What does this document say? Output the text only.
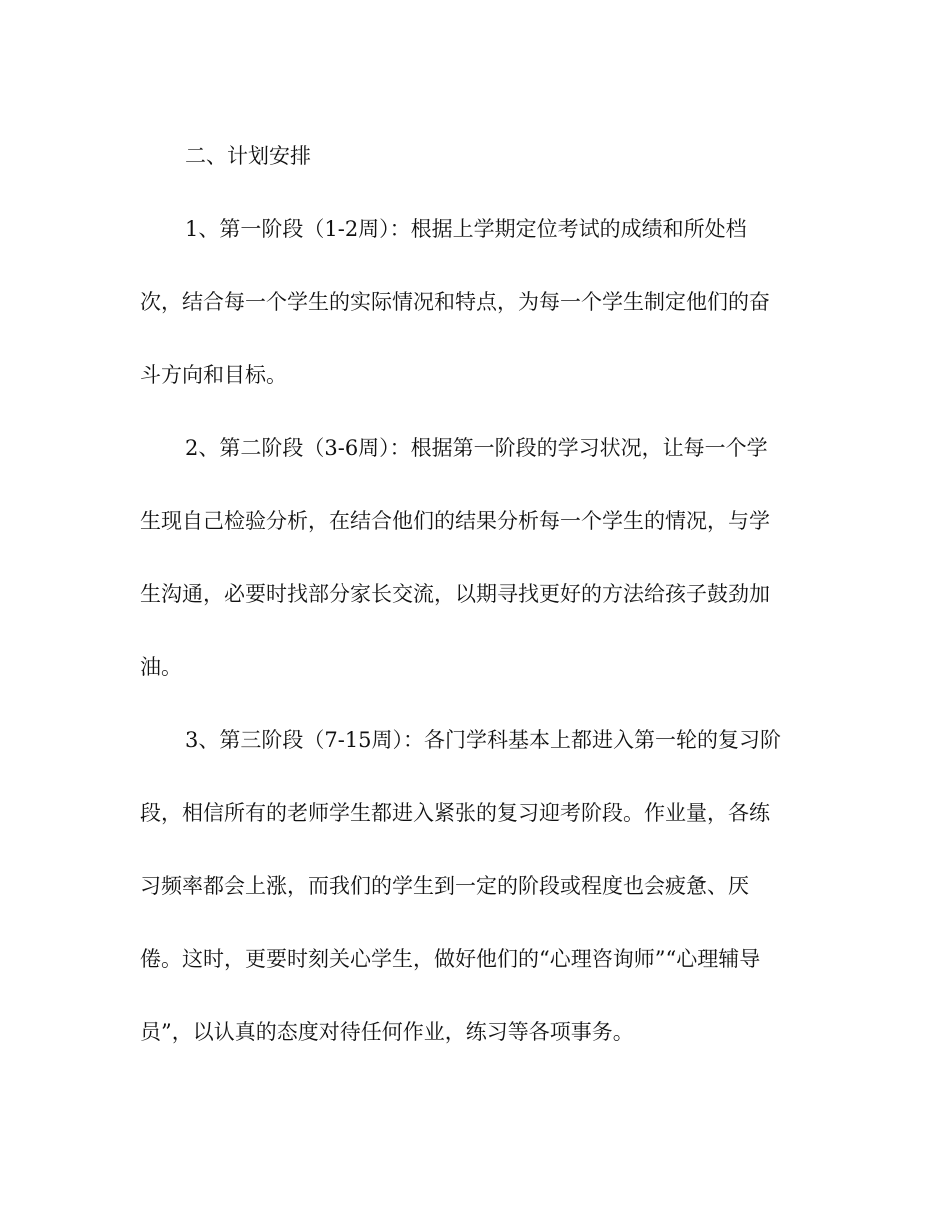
二、计划安排

1、第一阶段（1-2周）：根据上学期定位考试的成绩和所处档

次，结合每一个学生的实际情况和特点，为每一个学生制定他们的奋

斗方向和目标。

2、第二阶段（3-6周）：根据第一阶段的学习状况，让每一个学

生现自己检验分析，在结合他们的结果分析每一个学生的情况，与学

生沟通，必要时找部分家长交流，以期寻找更好的方法给孩子鼓劲加

油。

3、第三阶段（7-15周）：各门学科基本上都进入第一轮的复习阶

段，相信所有的老师学生都进入紧张的复习迎考阶段。作业量，各练

习频率都会上涨，而我们的学生到一定的阶段或程度也会疲惫、厌

倦。这时，更要时刻关心学生，做好他们的“心理咨询师”“心理辅导

员”，以认真的态度对待任何作业，练习等各项事务。
